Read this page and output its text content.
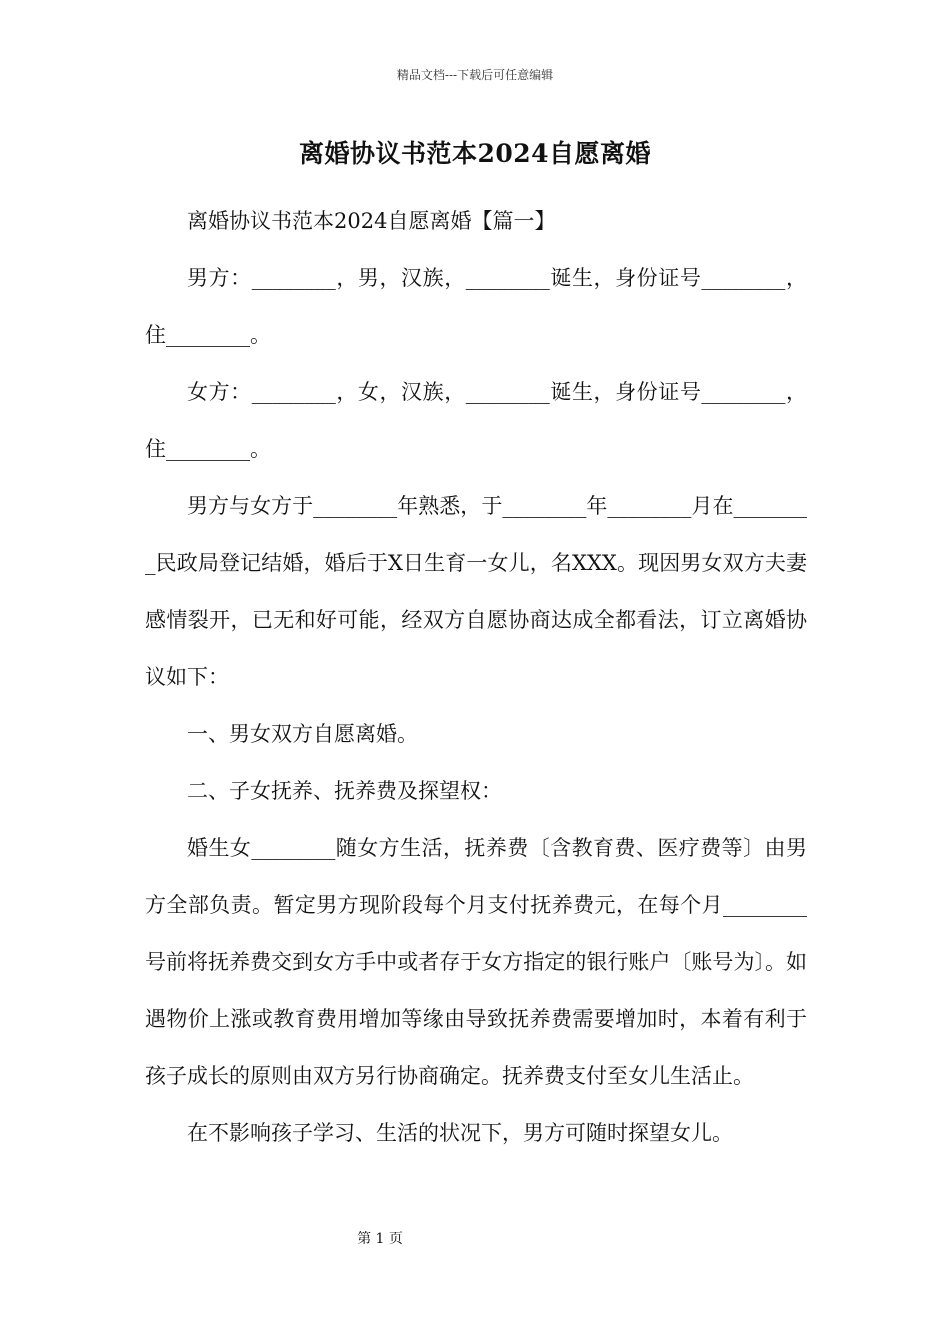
精品文档---下载后可任意编辑
离婚协议书范本2024自愿离婚

离婚协议书范本2024自愿离婚【篇一】

男方：________，男，汉族，________诞生，身份证号________，住________。

女方：________，女，汉族，________诞生，身份证号________，住________。

男方与女方于________年熟悉，于________年________月在________民政局登记结婚，婚后于X日生育一女儿，名XXX。现因男女双方夫妻感情裂开，已无和好可能，经双方自愿协商达成全都看法，订立离婚协议如下：

一、男女双方自愿离婚。

二、子女抚养、抚养费及探望权：

婚生女________随女方生活，抚养费〔含教育费、医疗费等〕由男方全部负责。暂定男方现阶段每个月支付抚养费元，在每个月________号前将抚养费交到女方手中或者存于女方指定的银行账户〔账号为〕。如遇物价上涨或教育费用增加等缘由导致抚养费需要增加时，本着有利于孩子成长的原则由双方另行协商确定。抚养费支付至女儿生活止。

在不影响孩子学习、生活的状况下，男方可随时探望女儿。

第 1 页
